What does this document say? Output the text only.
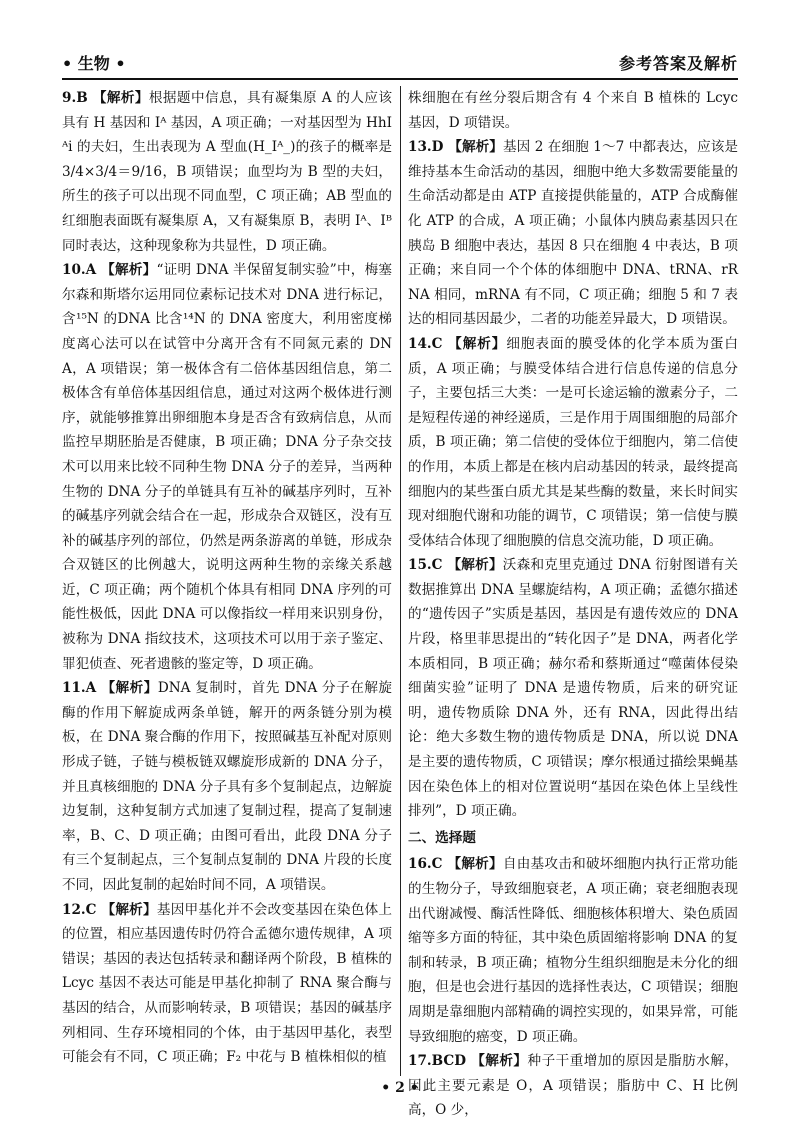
• 生物 •	参考答案及解析

9.B 【解析】根据题中信息，具有凝集原 A 的人应该具有 H 基因和 Iᴬ 基因，A 项正确；一对基因型为 HhIᴬi 的夫妇，生出表现为 A 型血(H_Iᴬ_)的孩子的概率是 3/4×3/4＝9/16，B 项错误；血型均为 B 型的夫妇，所生的孩子可以出现不同血型，C 项正确；AB 型血的红细胞表面既有凝集原 A，又有凝集原 B，表明 Iᴬ、Iᴮ 同时表达，这种现象称为共显性，D 项正确。

10.A 【解析】“证明 DNA 半保留复制实验”中，梅塞尔森和斯塔尔运用同位素标记技术对 DNA 进行标记，含¹⁵N 的DNA 比含¹⁴N 的 DNA 密度大，利用密度梯度离心法可以在试管中分离开含有不同氮元素的 DNA，A 项错误；第一极体含有二倍体基因组信息，第二极体含有单倍体基因组信息，通过对这两个极体进行测序，就能够推算出卵细胞本身是否含有致病信息，从而监控早期胚胎是否健康，B 项正确；DNA 分子杂交技术可以用来比较不同种生物 DNA 分子的差异，当两种生物的 DNA 分子的单链具有互补的碱基序列时，互补的碱基序列就会结合在一起，形成杂合双链区，没有互补的碱基序列的部位，仍然是两条游离的单链，形成杂合双链区的比例越大，说明这两种生物的亲缘关系越近，C 项正确；两个随机个体具有相同 DNA 序列的可能性极低，因此 DNA 可以像指纹一样用来识别身份，被称为 DNA 指纹技术，这项技术可以用于亲子鉴定、罪犯侦查、死者遗骸的鉴定等，D 项正确。

11.A 【解析】DNA 复制时，首先 DNA 分子在解旋酶的作用下解旋成两条单链，解开的两条链分别为模板，在 DNA 聚合酶的作用下，按照碱基互补配对原则形成子链，子链与模板链双螺旋形成新的 DNA 分子，并且真核细胞的 DNA 分子具有多个复制起点，边解旋边复制，这种复制方式加速了复制过程，提高了复制速率，B、C、D 项正确；由图可看出，此段 DNA 分子有三个复制起点，三个复制点复制的 DNA 片段的长度不同，因此复制的起始时间不同，A 项错误。

12.C 【解析】基因甲基化并不会改变基因在染色体上的位置，相应基因遗传时仍符合孟德尔遗传规律，A 项错误；基因的表达包括转录和翻译两个阶段，B 植株的 Lcyc 基因不表达可能是甲基化抑制了 RNA 聚合酶与基因的结合，从而影响转录，B 项错误；基因的碱基序列相同、生存环境相同的个体，由于基因甲基化，表型可能会有不同，C 项正确；F₂ 中花与 B 植株相似的植

株细胞在有丝分裂后期含有 4 个来自 B 植株的 Lcyc 基因，D 项错误。

13.D 【解析】基因 2 在细胞 1～7 中都表达，应该是维持基本生命活动的基因，细胞中绝大多数需要能量的生命活动都是由 ATP 直接提供能量的，ATP 合成酶催化 ATP 的合成，A 项正确；小鼠体内胰岛素基因只在胰岛 B 细胞中表达，基因 8 只在细胞 4 中表达，B 项正确；来自同一个个体的体细胞中 DNA、tRNA、rRNA 相同，mRNA 有不同，C 项正确；细胞 5 和 7 表达的相同基因最少，二者的功能差异最大，D 项错误。

14.C 【解析】细胞表面的膜受体的化学本质为蛋白质，A 项正确；与膜受体结合进行信息传递的信息分子，主要包括三大类：一是可长途运输的激素分子，二是短程传递的神经递质，三是作用于周围细胞的局部介质，B 项正确；第二信使的受体位于细胞内，第二信使的作用，本质上都是在核内启动基因的转录，最终提高细胞内的某些蛋白质尤其是某些酶的数量，来长时间实现对细胞代谢和功能的调节，C 项错误；第一信使与膜受体结合体现了细胞膜的信息交流功能，D 项正确。

15.C 【解析】沃森和克里克通过 DNA 衍射图谱有关数据推算出 DNA 呈螺旋结构，A 项正确；孟德尔描述的“遗传因子”实质是基因，基因是有遗传效应的 DNA 片段，格里菲思提出的“转化因子”是 DNA，两者化学本质相同，B 项正确；赫尔希和蔡斯通过“噬菌体侵染细菌实验”证明了 DNA 是遗传物质，后来的研究证明，遗传物质除 DNA 外，还有 RNA，因此得出结论：绝大多数生物的遗传物质是 DNA，所以说 DNA 是主要的遗传物质，C 项错误；摩尔根通过描绘果蝇基因在染色体上的相对位置说明“基因在染色体上呈线性排列”，D 项正确。

二、选择题

16.C 【解析】自由基攻击和破坏细胞内执行正常功能的生物分子，导致细胞衰老，A 项正确；衰老细胞表现出代谢减慢、酶活性降低、细胞核体积增大、染色质固缩等多方面的特征，其中染色质固缩将影响 DNA 的复制和转录，B 项正确；植物分生组织细胞是未分化的细胞，但是也会进行基因的选择性表达，C 项错误；细胞周期是靠细胞内部精确的调控实现的，如果异常，可能导致细胞的癌变，D 项正确。

17.BCD 【解析】种子干重增加的原因是脂肪水解，因此主要元素是 O，A 项错误；脂肪中 C、H 比例高，O 少，

• 2 •
